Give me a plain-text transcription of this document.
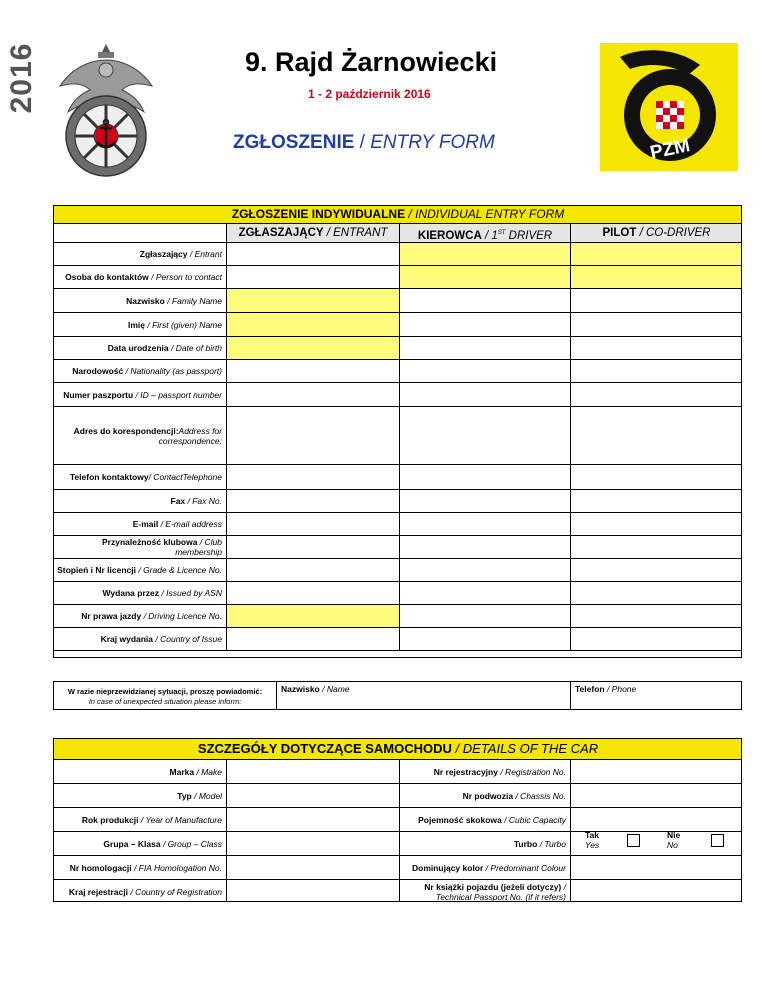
2016	9. Rajd Żarnowiecki
1 - 2 październik 2016
ZGŁOSZENIE / ENTRY FORM	PZM
ZGŁOSZENIE INDYWIDUALNE / INDIVIDUAL ENTRY FORM
ZGŁASZAJĄCY / ENTRANT	KIEROWCA / 1ST DRIVER	PILOT / CO-DRIVER
Zgłaszający / Entrant
Osoba do kontaktów / Person to contact
Nazwisko / Family Name
Imię / First (given) Name
Data urodzenia / Date of birth
Narodowość / Nationality (as passport)
Numer paszportu / ID – passport number
Adres do korespondencji:Address for correspondence:
Telefon kontaktowy/ ContactTelephone
Fax / Fax No.
E-mail / E-mail address
Przynależność klubowa / Club membership
Stopień i Nr licencji / Grade & Licence No.
Wydana przez / Issued by ASN
Nr prawa jazdy / Driving Licence No.
Kraj wydania / Country of Issue
W razie nieprzewidzianej sytuacji, proszę powiadomić:
In case of unexpected situation please inform:
Nazwisko / Name	Telefon / Phone
SZCZEGÓŁY DOTYCZĄCE SAMOCHODU / DETAILS OF THE CAR
Marka / Make	Nr rejestracyjny / Registration No.
Typ / Model	Nr podwozia / Chassis No.
Rok produkcji / Year of Manufacture	Pojemność skokowa / Cubic Capacity
Grupa – Klasa / Group – Class	Turbo / Turbo
Tak
Yes
Nie
No
Nr homologacji / FIA Homologation No.	Dominujący kolor / Predominant Colour
Kraj rejestracji / Country of Registration	Nr książki pojazdu (jeżeli dotyczy) / Technical Passport No. (if it refers)
